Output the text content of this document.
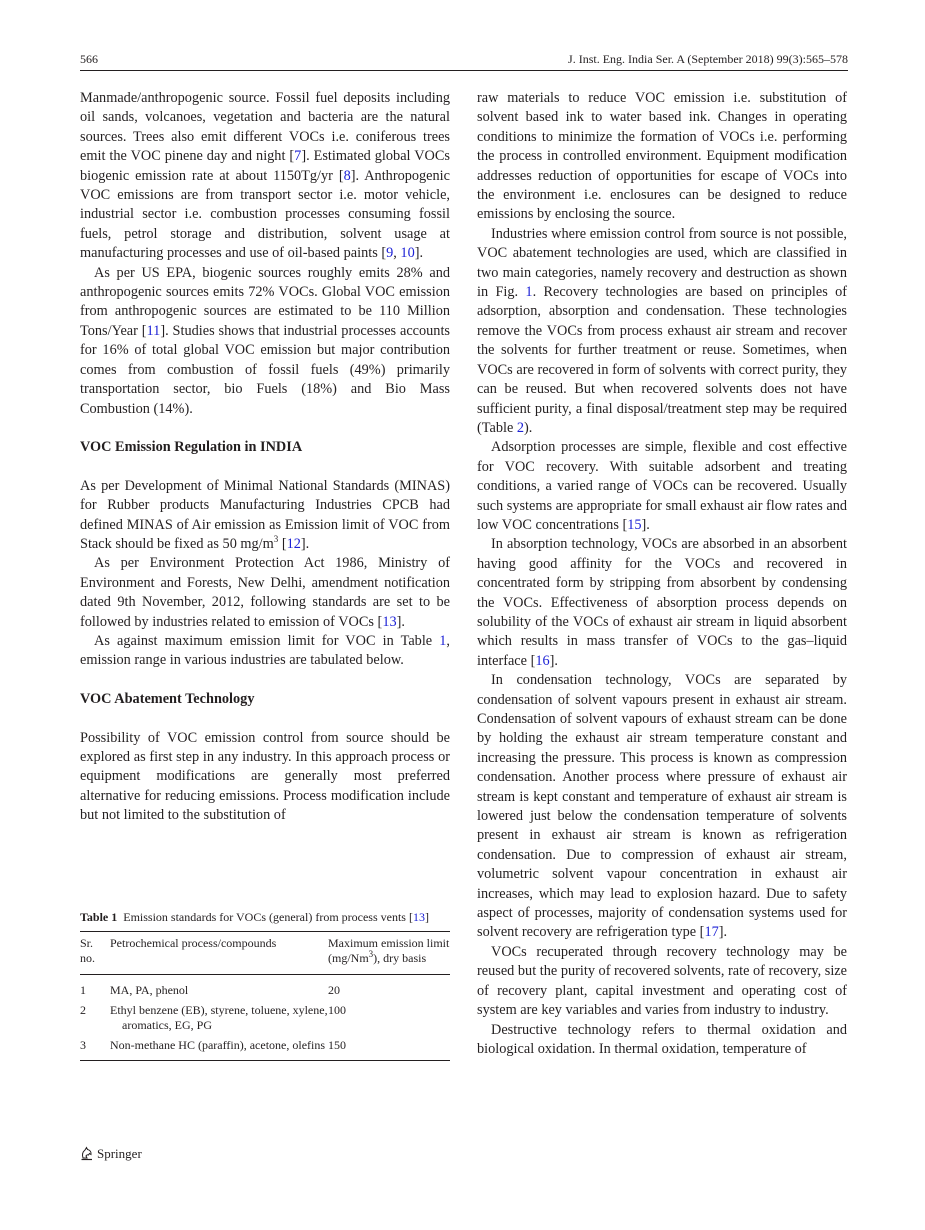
566	J. Inst. Eng. India Ser. A (September 2018) 99(3):565–578

Manmade/anthropogenic source. Fossil fuel deposits including oil sands, volcanoes, vegetation and bacteria are the natural sources. Trees also emit different VOCs i.e. coniferous trees emit the VOC pinene day and night [7]. Estimated global VOCs biogenic emission rate at about 1150Tg/yr [8]. Anthropogenic VOC emissions are from transport sector i.e. motor vehicle, industrial sector i.e. combustion processes consuming fossil fuels, petrol storage and distribution, solvent usage at manufacturing processes and use of oil-based paints [9, 10].

As per US EPA, biogenic sources roughly emits 28% and anthropogenic sources emits 72% VOCs. Global VOC emission from anthropogenic sources are estimated to be 110 Million Tons/Year [11]. Studies shows that industrial processes accounts for 16% of total global VOC emission but major contribution comes from combustion of fossil fuels (49%) primarily transportation sector, bio Fuels (18%) and Bio Mass Combustion (14%).

VOC Emission Regulation in INDIA

As per Development of Minimal National Standards (MINAS) for Rubber products Manufacturing Industries CPCB had defined MINAS of Air emission as Emission limit of VOC from Stack should be fixed as 50 $mg/m^3$ [12].

As per Environment Protection Act 1986, Ministry of Environment and Forests, New Delhi, amendment notification dated 9th November, 2012, following standards are set to be followed by industries related to emission of VOCs [13].

As against maximum emission limit for VOC in Table 1, emission range in various industries are tabulated below.

VOC Abatement Technology

Possibility of VOC emission control from source should be explored as first step in any industry. In this approach process or equipment modifications are generally most preferred alternative for reducing emissions. Process modification include but not limited to the substitution of

Table 1 Emission standards for VOCs (general) from process vents [13]
Sr. no.	Petrochemical process/compounds	Maximum emission limit (mg/Nm$^3$), dry basis
1	MA, PA, phenol	20
2	Ethyl benzene (EB), styrene, toluene, xylene, aromatics, EG, PG	100
3	Non-methane HC (paraffin), acetone, olefins	150

raw materials to reduce VOC emission i.e. substitution of solvent based ink to water based ink. Changes in operating conditions to minimize the formation of VOCs i.e. performing the process in controlled environment. Equipment modification addresses reduction of opportunities for escape of VOCs into the environment i.e. enclosures can be designed to reduce emissions by enclosing the source.

Industries where emission control from source is not possible, VOC abatement technologies are used, which are classified in two main categories, namely recovery and destruction as shown in Fig. 1. Recovery technologies are based on principles of adsorption, absorption and condensation. These technologies remove the VOCs from process exhaust air stream and recover the solvents for further treatment or reuse. Sometimes, when VOCs are recovered in form of solvents with correct purity, they can be reused. But when recovered solvents does not have sufficient purity, a final disposal/treatment step may be required (Table 2).

Adsorption processes are simple, flexible and cost effective for VOC recovery. With suitable adsorbent and treating conditions, a varied range of VOCs can be recovered. Usually such systems are appropriate for small exhaust air flow rates and low VOC concentrations [15].

In absorption technology, VOCs are absorbed in an absorbent having good affinity for the VOCs and recovered in concentrated form by stripping from absorbent by condensing the VOCs. Effectiveness of absorption process depends on solubility of the VOCs of exhaust air stream in liquid absorbent which results in mass transfer of VOCs to the gas–liquid interface [16].

In condensation technology, VOCs are separated by condensation of solvent vapours present in exhaust air stream. Condensation of solvent vapours of exhaust stream can be done by holding the exhaust air stream temperature constant and increasing the pressure. This process is known as compression condensation. Another process where pressure of exhaust air stream is kept constant and temperature of exhaust air stream is lowered just below the condensation temperature of solvents present in exhaust air stream is known as refrigeration condensation. Due to compression of exhaust air stream, volumetric solvent vapour concentration in exhaust air increases, which may lead to explosion hazard. Due to safety aspect of processes, majority of condensation systems used for solvent recovery are refrigeration type [17].

VOCs recuperated through recovery technology may be reused but the purity of recovered solvents, rate of recovery, size of recovery plant, capital investment and operating cost of system are key variables and varies from industry to industry.

Destructive technology refers to thermal oxidation and biological oxidation. In thermal oxidation, temperature of

Springer
